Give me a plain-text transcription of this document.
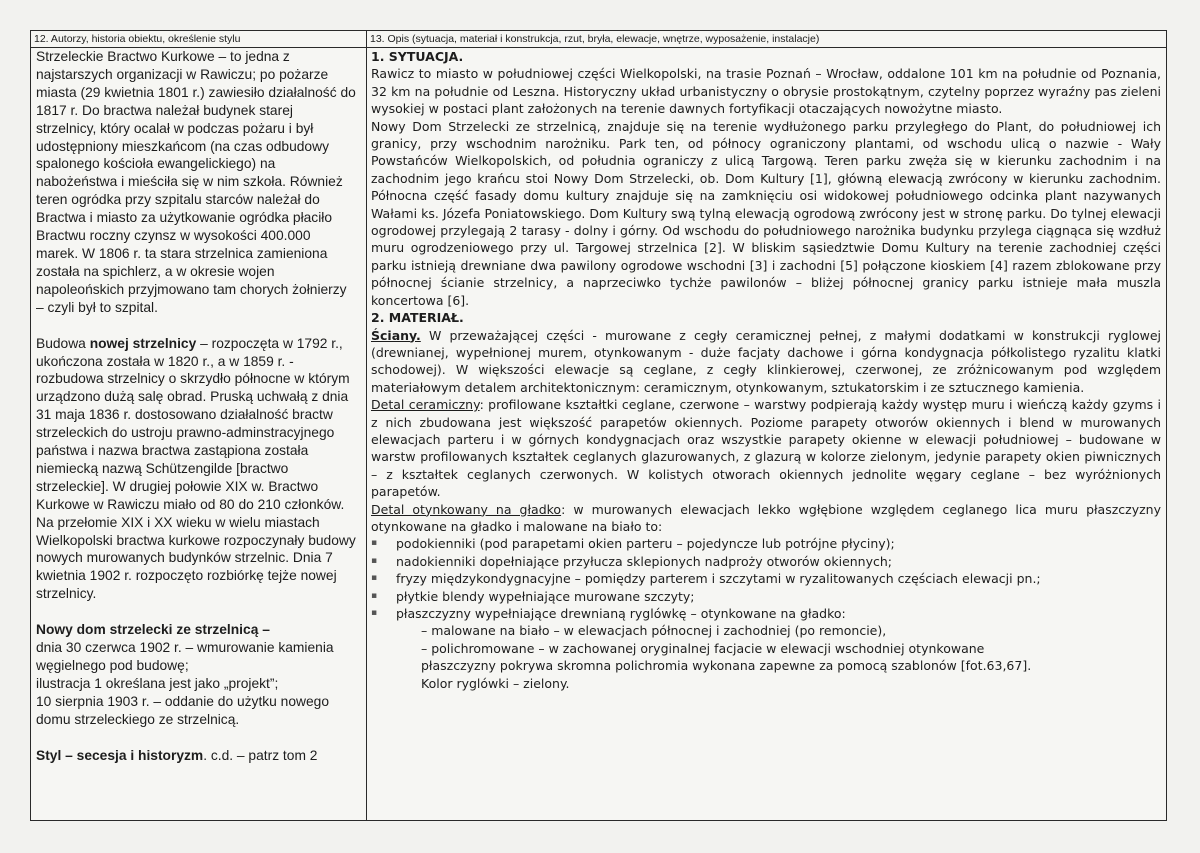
12. Autorzy, historia obiektu, określenie stylu	13. Opis (sytuacja, materiał i konstrukcja, rzut, bryła, elewacje, wnętrze, wyposażenie, instalacje)

Strzeleckie Bractwo Kurkowe – to jedna z najstarszych organizacji w Rawiczu; po pożarze miasta (29 kwietnia 1801 r.) zawiesiło działalność do 1817 r. Do bractwa należał budynek starej strzelnicy, który ocalał w podczas pożaru i był udostępniony mieszkańcom (na czas odbudowy spalonego kościoła ewangelickiego) na nabożeństwa i mieściła się w nim szkoła. Również teren ogródka przy szpitalu starców należał do Bractwa i miasto za użytkowanie ogródka płaciło Bractwu roczny czynsz w wysokości 400.000 marek. W 1806 r. ta stara strzelnica zamieniona została na spichlerz, a w okresie wojen napoleońskich przyjmowano tam chorych żołnierzy – czyli był to szpital.

Budowa nowej strzelnicy – rozpoczęta w 1792 r., ukończona została w 1820 r., a w 1859 r. -rozbudowa strzelnicy o skrzydło północne w którym urządzono dużą salę obrad. Pruską uchwałą z dnia 31 maja 1836 r. dostosowano działalność bractw strzeleckich do ustroju prawno-adminstracyjnego państwa i nazwa bractwa zastąpiona została niemiecką nazwą Schützengilde [bractwo strzeleckie]. W drugiej połowie XIX w. Bractwo Kurkowe w Rawiczu miało od 80 do 210 członków. Na przełomie XIX i XX wieku w wielu miastach Wielkopolski bractwa kurkowe rozpoczynały budowy nowych murowanych budynków strzelnic. Dnia 7 kwietnia 1902 r. rozpoczęto rozbiórkę tejże nowej strzelnicy.

Nowy dom strzelecki ze strzelnicą –
dnia 30 czerwca 1902 r. – wmurowanie kamienia węgielnego pod budowę;
ilustracja 1 określana jest jako „projekt”;
10 sierpnia 1903 r. – oddanie do użytku nowego domu strzeleckiego ze strzelnicą.

Styl – secesja i historyzm. c.d. – patrz tom 2

1. SYTUACJA.

Rawicz to miasto w południowej części Wielkopolski, na trasie Poznań – Wrocław, oddalone 101 km na południe od Poznania, 32 km na południe od Leszna. Historyczny układ urbanistyczny o obrysie prostokątnym, czytelny poprzez wyraźny pas zieleni wysokiej w postaci plant założonych na terenie dawnych fortyfikacji otaczających nowożytne miasto.

Nowy Dom Strzelecki ze strzelnicą, znajduje się na terenie wydłużonego parku przyległego do Plant, do południowej ich granicy, przy wschodnim narożniku. Park ten, od północy ograniczony plantami, od wschodu ulicą o nazwie - Wały Powstańców Wielkopolskich, od południa ograniczy z ulicą Targową. Teren parku zwęża się w kierunku zachodnim i na zachodnim jego krańcu stoi Nowy Dom Strzelecki, ob. Dom Kultury [1], główną elewacją zwrócony w kierunku zachodnim. Północna część fasady domu kultury znajduje się na zamknięciu osi widokowej południowego odcinka plant nazywanych Wałami ks. Józefa Poniatowskiego. Dom Kultury swą tylną elewacją ogrodową zwrócony jest w stronę parku. Do tylnej elewacji ogrodowej przylegają 2 tarasy - dolny i górny. Od wschodu do południowego narożnika budynku przylega ciągnąca się wzdłuż muru ogrodzeniowego przy ul. Targowej strzelnica [2]. W bliskim sąsiedztwie Domu Kultury na terenie zachodniej części parku istnieją drewniane dwa pawilony ogrodowe wschodni [3] i zachodni [5] połączone kioskiem [4] razem zblokowane przy północnej ścianie strzelnicy, a naprzeciwko tychże pawilonów – bliżej północnej granicy parku istnieje mała muszla koncertowa [6].

2. MATERIAŁ.

Ściany. W przeważającej części - murowane z cegły ceramicznej pełnej, z małymi dodatkami w konstrukcji ryglowej (drewnianej, wypełnionej murem, otynkowanym - duże facjaty dachowe i górna kondygnacja półkolistego ryzalitu klatki schodowej). W większości elewacje są ceglane, z cegły klinkierowej, czerwonej, ze zróżnicowanym pod względem materiałowym detalem architektonicznym: ceramicznym, otynkowanym, sztukatorskim i ze sztucznego kamienia.

Detal ceramiczny: profilowane kształtki ceglane, czerwone – warstwy podpierają każdy występ muru i wieńczą każdy gzyms i z nich zbudowana jest większość parapetów okiennych. Poziome parapety otworów okiennych i blend w murowanych elewacjach parteru i w górnych kondygnacjach oraz wszystkie parapety okienne w elewacji południowej – budowane w warstw profilowanych kształtek ceglanych glazurowanych, z glazurą w kolorze zielonym, jedynie parapety okien piwnicznych – z kształtek ceglanych czerwonych. W kolistych otworach okiennych jednolite węgary ceglane – bez wyróżnionych parapetów.

Detal otynkowany na gładko: w murowanych elewacjach lekko wgłębione względem ceglanego lica muru płaszczyzny otynkowane na gładko i malowane na biało to:

▪ podokienniki (pod parapetami okien parteru – pojedyncze lub potrójne płyciny);
▪ nadokienniki dopełniające przyłucza sklepionych nadproży otworów okiennych;
▪ fryzy międzykondygnacyjne – pomiędzy parterem i szczytami w ryzalitowanych częściach elewacji pn.;
▪ płytkie blendy wypełniające murowane szczyty;
▪ płaszczyzny wypełniające drewnianą ryglówkę – otynkowane na gładko:

– malowane na biało – w elewacjach północnej i zachodniej (po remoncie),

– polichromowane – w zachowanej oryginalnej facjacie w elewacji wschodniej otynkowane

płaszczyzny pokrywa skromna polichromia wykonana zapewne za pomocą szablonów [fot.63,67].

Kolor ryglówki – zielony.
